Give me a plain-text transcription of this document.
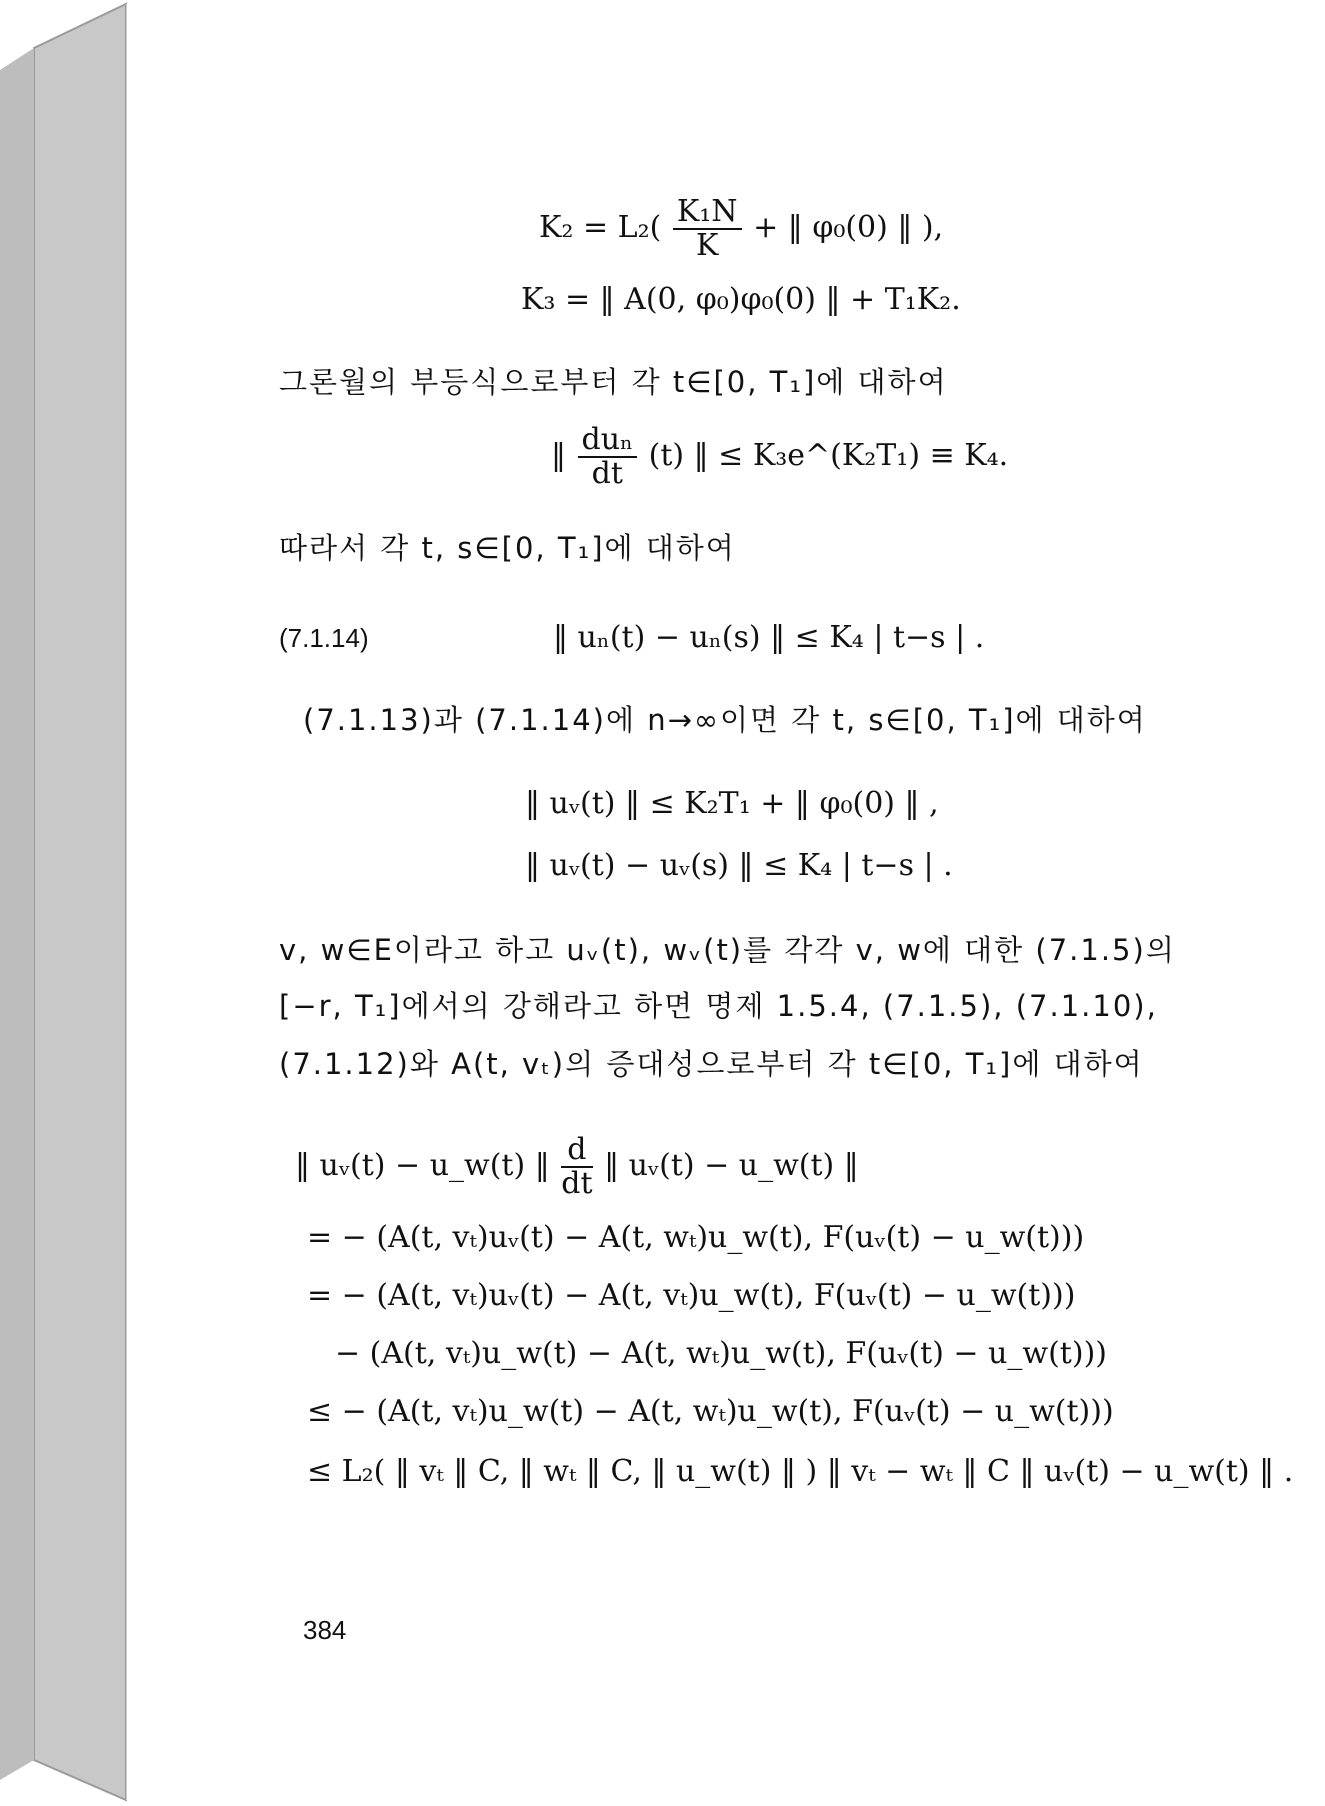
$K_2 = L_2( \frac{\text{K₁N}}{K}$ + ‖ φ₀(0) ‖ ),
K₃ = ‖ A(0, φ₀)φ₀(0) ‖ + T₁K₂.
그론월의 부등식으로부터 각 t∈[0, T₁]에 대하여
‖ $\frac{\text{duₙ}}{dt} (t)$ ‖ ≤ K₃e^(K₂T₁) ≡ K₄.
따라서 각 t, s∈[0, T₁]에 대하여
(7.1.14)	‖ uₙ(t) − uₙ(s) ‖ ≤ K₄ | t−s | .
(7.1.13)과 (7.1.14)에 n→∞이면 각 t, s∈[0, T₁]에 대하여
‖ uᵥ(t) ‖ ≤ K₂T₁ + ‖ φ₀(0) ‖ ,
‖ uᵥ(t) − uᵥ(s) ‖ ≤ K₄ | t−s | .
v, w∈E이라고 하고 uᵥ(t), wᵥ(t)를 각각 v, w에 대한 (7.1.5)의
[−r, T₁]에서의 강해라고 하면 명제 1.5.4, (7.1.5), (7.1.10),
(7.1.12)와 A(t, vₜ)의 증대성으로부터 각 t∈[0, T₁]에 대하여
‖ uᵥ(t) − u_w(t) ‖ $\frac{d}{dt}$ ‖ uᵥ(t) − u_w(t) ‖
= − (A(t, vₜ)uᵥ(t) − A(t, wₜ)u_w(t), F(uᵥ(t) − u_w(t)))
= − (A(t, vₜ)uᵥ(t) − A(t, vₜ)u_w(t), F(uᵥ(t) − u_w(t)))
− (A(t, vₜ)u_w(t) − A(t, wₜ)u_w(t), F(uᵥ(t) − u_w(t)))
≤ − (A(t, vₜ)u_w(t) − A(t, wₜ)u_w(t), F(uᵥ(t) − u_w(t)))
≤ L₂( ‖ vₜ ‖ C, ‖ wₜ ‖ C, ‖ u_w(t) ‖ ) ‖ vₜ − wₜ ‖ C ‖ uᵥ(t) − u_w(t) ‖ .
384
